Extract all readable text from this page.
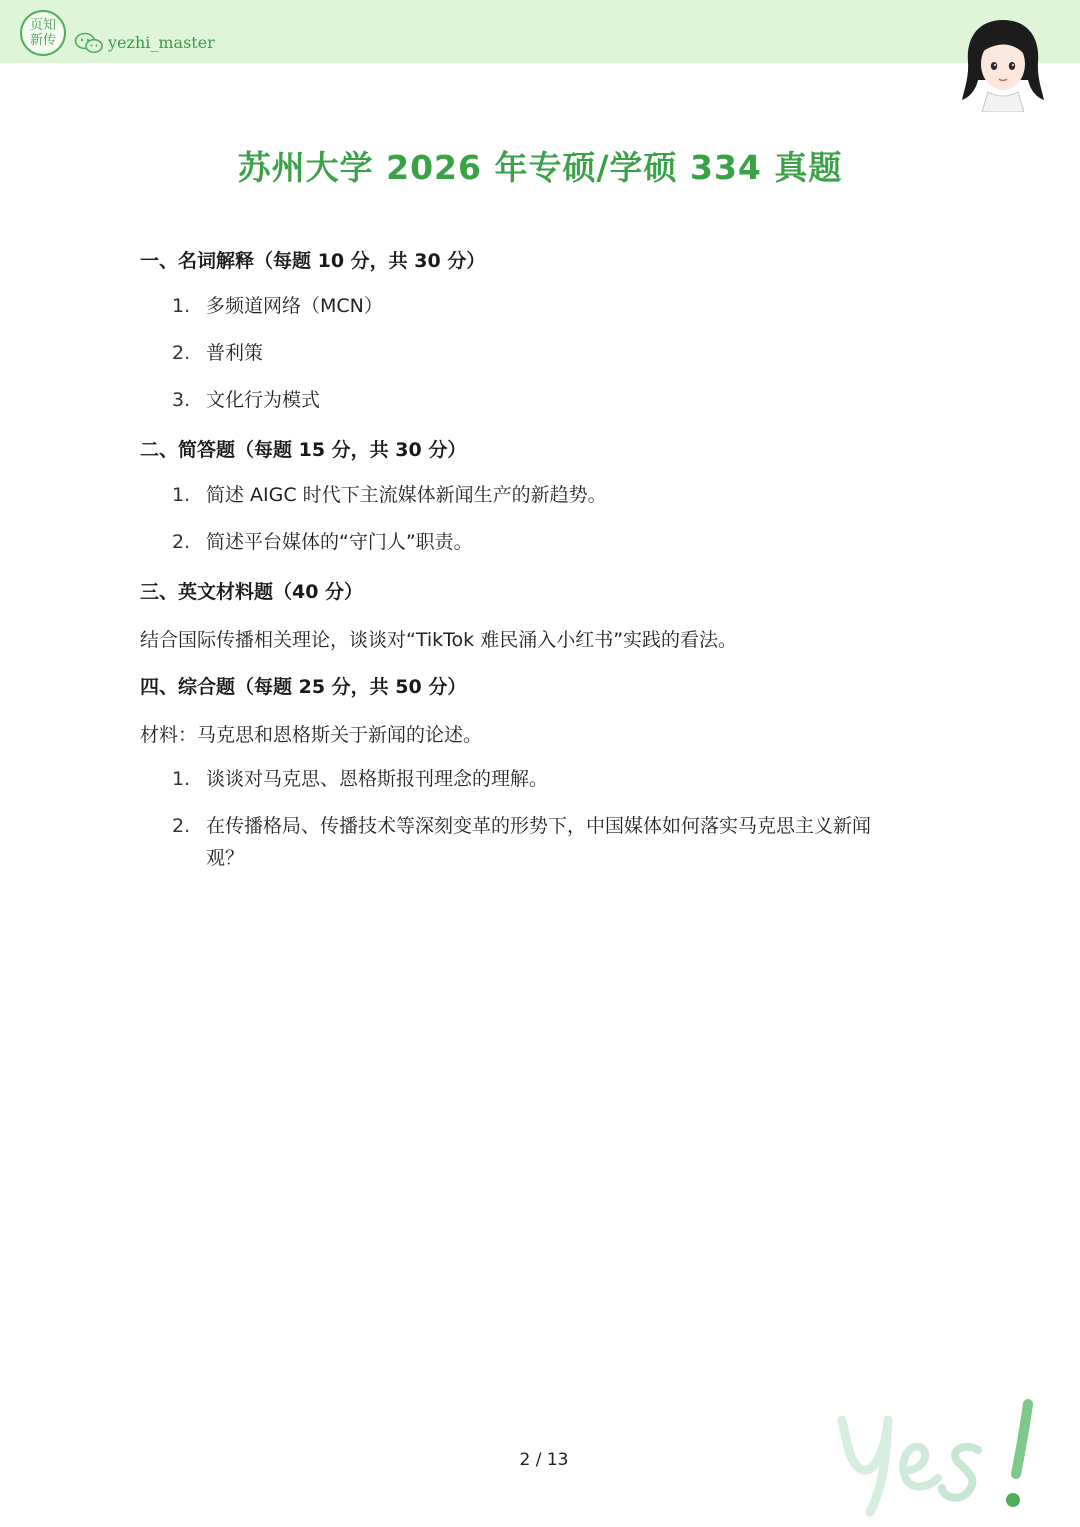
页知
新传	yezhi_master
苏州大学 2026 年专硕/学硕 334 真题
一、名词解释（每题 10 分，共 30 分）
1. 多频道网络（MCN）
2. 普利策
3. 文化行为模式
二、简答题（每题 15 分，共 30 分）
1. 简述 AIGC 时代下主流媒体新闻生产的新趋势。
2. 简述平台媒体的“守门人”职责。
三、英文材料题（40 分）
结合国际传播相关理论，谈谈对“TikTok 难民涌入小红书”实践的看法。
四、综合题（每题 25 分，共 50 分）
材料：马克思和恩格斯关于新闻的论述。
1. 谈谈对马克思、恩格斯报刊理念的理解。
2. 在传播格局、传播技术等深刻变革的形势下，中国媒体如何落实马克思主义新闻观？
2 / 13
